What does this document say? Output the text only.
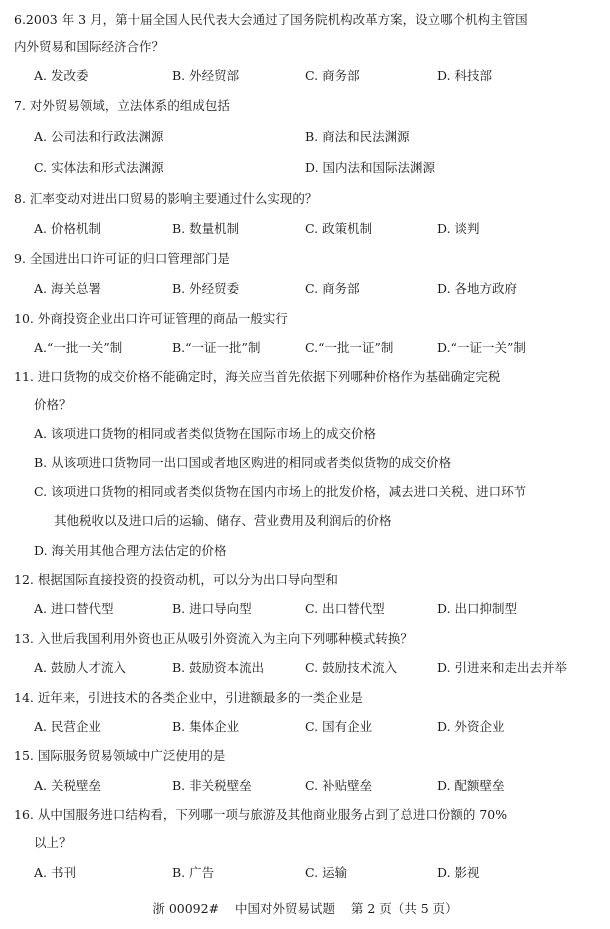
6.2003 年 3 月，第十届全国人民代表大会通过了国务院机构改革方案，设立哪个机构主管国
内外贸易和国际经济合作？
A. 发改委	B. 外经贸部	C. 商务部	D. 科技部
7. 对外贸易领域，立法体系的组成包括
A. 公司法和行政法渊源	B. 商法和民法渊源
C. 实体法和形式法渊源	D. 国内法和国际法渊源
8. 汇率变动对进出口贸易的影响主要通过什么实现的？
A. 价格机制	B. 数量机制	C. 政策机制	D. 谈判
9. 全国进出口许可证的归口管理部门是
A. 海关总署	B. 外经贸委	C. 商务部	D. 各地方政府
10. 外商投资企业出口许可证管理的商品一般实行
A.“一批一关”制	B.“一证一批”制	C.“一批一证”制	D.“一证一关”制
11. 进口货物的成交价格不能确定时，海关应当首先依据下列哪种价格作为基础确定完税
价格？
A. 该项进口货物的相同或者类似货物在国际市场上的成交价格
B. 从该项进口货物同一出口国或者地区购进的相同或者类似货物的成交价格
C. 该项进口货物的相同或者类似货物在国内市场上的批发价格，减去进口关税、进口环节
其他税收以及进口后的运输、储存、营业费用及利润后的价格
D. 海关用其他合理方法估定的价格
12. 根据国际直接投资的投资动机，可以分为出口导向型和
A. 进口替代型	B. 进口导向型	C. 出口替代型	D. 出口抑制型
13. 入世后我国利用外资也正从吸引外资流入为主向下列哪种模式转换？
A. 鼓励人才流入	B. 鼓励资本流出	C. 鼓励技术流入	D. 引进来和走出去并举
14. 近年来，引进技术的各类企业中，引进额最多的一类企业是
A. 民营企业	B. 集体企业	C. 国有企业	D. 外资企业
15. 国际服务贸易领域中广泛使用的是
A. 关税壁垒	B. 非关税壁垒	C. 补贴壁垒	D. 配额壁垒
16. 从中国服务进口结构看，下列哪一项与旅游及其他商业服务占到了总进口份额的 70%
以上？
A. 书刊	B. 广告	C. 运输	D. 影视
浙 00092#    中国对外贸易试题    第 2 页（共 5 页）
